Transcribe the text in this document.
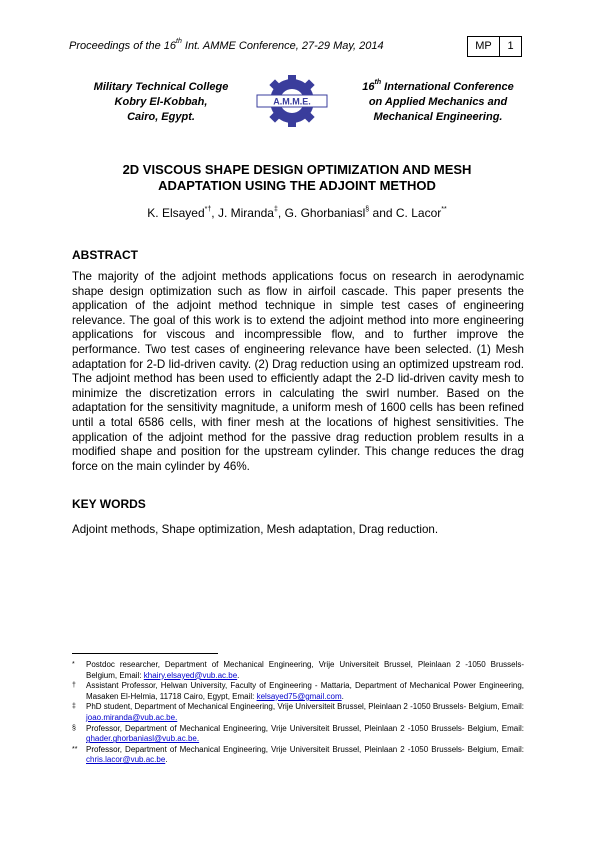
Proceedings of the 16th Int. AMME Conference, 27-29 May, 2014	MP	1
Military Technical College
Kobry El-Kobbah,
Cairo, Egypt.
A.M.M.E.
16th International Conference
on Applied Mechanics and
Mechanical Engineering.
2D VISCOUS SHAPE DESIGN OPTIMIZATION AND MESH
ADAPTATION USING THE ADJOINT METHOD
K. Elsayed*†, J. Miranda‡, G. Ghorbaniasl§ and C. Lacor**
ABSTRACT
The majority of the adjoint methods applications focus on research in aerodynamic shape design optimization such as flow in airfoil cascade. This paper presents the application of the adjoint method technique in simple test cases of engineering relevance. The goal of this work is to extend the adjoint method into more engineering applications for viscous and incompressible flow, and to further improve the performance. Two test cases of engineering relevance have been selected. (1) Mesh adaptation for 2-D lid-driven cavity. (2) Drag reduction using an optimized upstream rod. The adjoint method has been used to efficiently adapt the 2-D lid-driven cavity mesh to minimize the discretization errors in calculating the swirl number. Based on the adaptation for the sensitivity magnitude, a uniform mesh of 1600 cells has been refined until a total 6586 cells, with finer mesh at the locations of highest sensitivities. The application of the adjoint method for the passive drag reduction problem results in a modified shape and position for the upstream cylinder. This change reduces the drag force on the main cylinder by 46%.
KEY WORDS
Adjoint methods, Shape optimization, Mesh adaptation, Drag reduction.
* Postdoc researcher, Department of Mechanical Engineering, Vrije Universiteit Brussel, Pleinlaan 2 -1050 Brussels- Belgium, Email: khairy.elsayed@vub.ac.be.
† Assistant Professor, Helwan University, Faculty of Engineering - Mattaria, Department of Mechanical Power Engineering, Masaken El-Helmia, 11718 Cairo, Egypt, Email: kelsayed75@gmail.com.
‡ PhD student, Department of Mechanical Engineering, Vrije Universiteit Brussel, Pleinlaan 2 -1050 Brussels- Belgium, Email: joao.miranda@vub.ac.be.
§ Professor, Department of Mechanical Engineering, Vrije Universiteit Brussel, Pleinlaan 2 -1050 Brussels- Belgium, Email: ghader.ghorbaniasl@vub.ac.be.
** Professor, Department of Mechanical Engineering, Vrije Universiteit Brussel, Pleinlaan 2 -1050 Brussels- Belgium, Email: chris.lacor@vub.ac.be.
